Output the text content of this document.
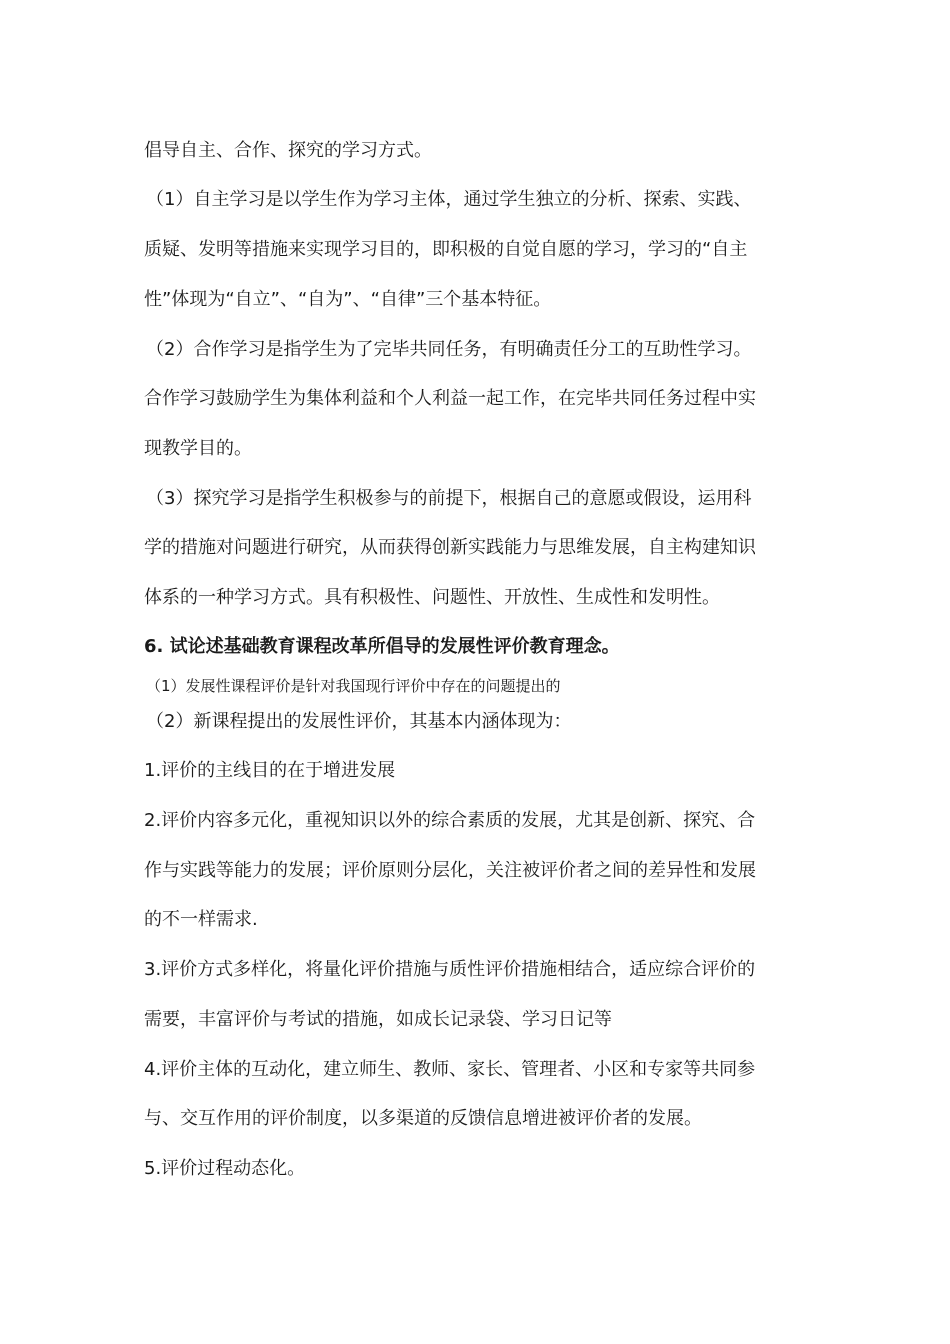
倡导自主、合作、探究的学习方式。
（1）自主学习是以学生作为学习主体，通过学生独立的分析、探索、实践、
质疑、发明等措施来实现学习目的，即积极的自觉自愿的学习，学习的“自主
性”体现为“自立”、“自为”、“自律”三个基本特征。
（2）合作学习是指学生为了完毕共同任务，有明确责任分工的互助性学习。
合作学习鼓励学生为集体利益和个人利益一起工作，在完毕共同任务过程中实
现教学目的。
（3）探究学习是指学生积极参与的前提下，根据自己的意愿或假设，运用科
学的措施对问题进行研究，从而获得创新实践能力与思维发展，自主构建知识
体系的一种学习方式。具有积极性、问题性、开放性、生成性和发明性。
6. 试论述基础教育课程改革所倡导的发展性评价教育理念。
（1）发展性课程评价是针对我国现行评价中存在的问题提出的
（2）新课程提出的发展性评价，其基本内涵体现为：
1.评价的主线目的在于增进发展
2.评价内容多元化，重视知识以外的综合素质的发展，尤其是创新、探究、合
作与实践等能力的发展；评价原则分层化，关注被评价者之间的差异性和发展
的不一样需求.
3.评价方式多样化，将量化评价措施与质性评价措施相结合，适应综合评价的
需要，丰富评价与考试的措施，如成长记录袋、学习日记等
4.评价主体的互动化，建立师生、教师、家长、管理者、小区和专家等共同参
与、交互作用的评价制度，以多渠道的反馈信息增进被评价者的发展。
5.评价过程动态化。
